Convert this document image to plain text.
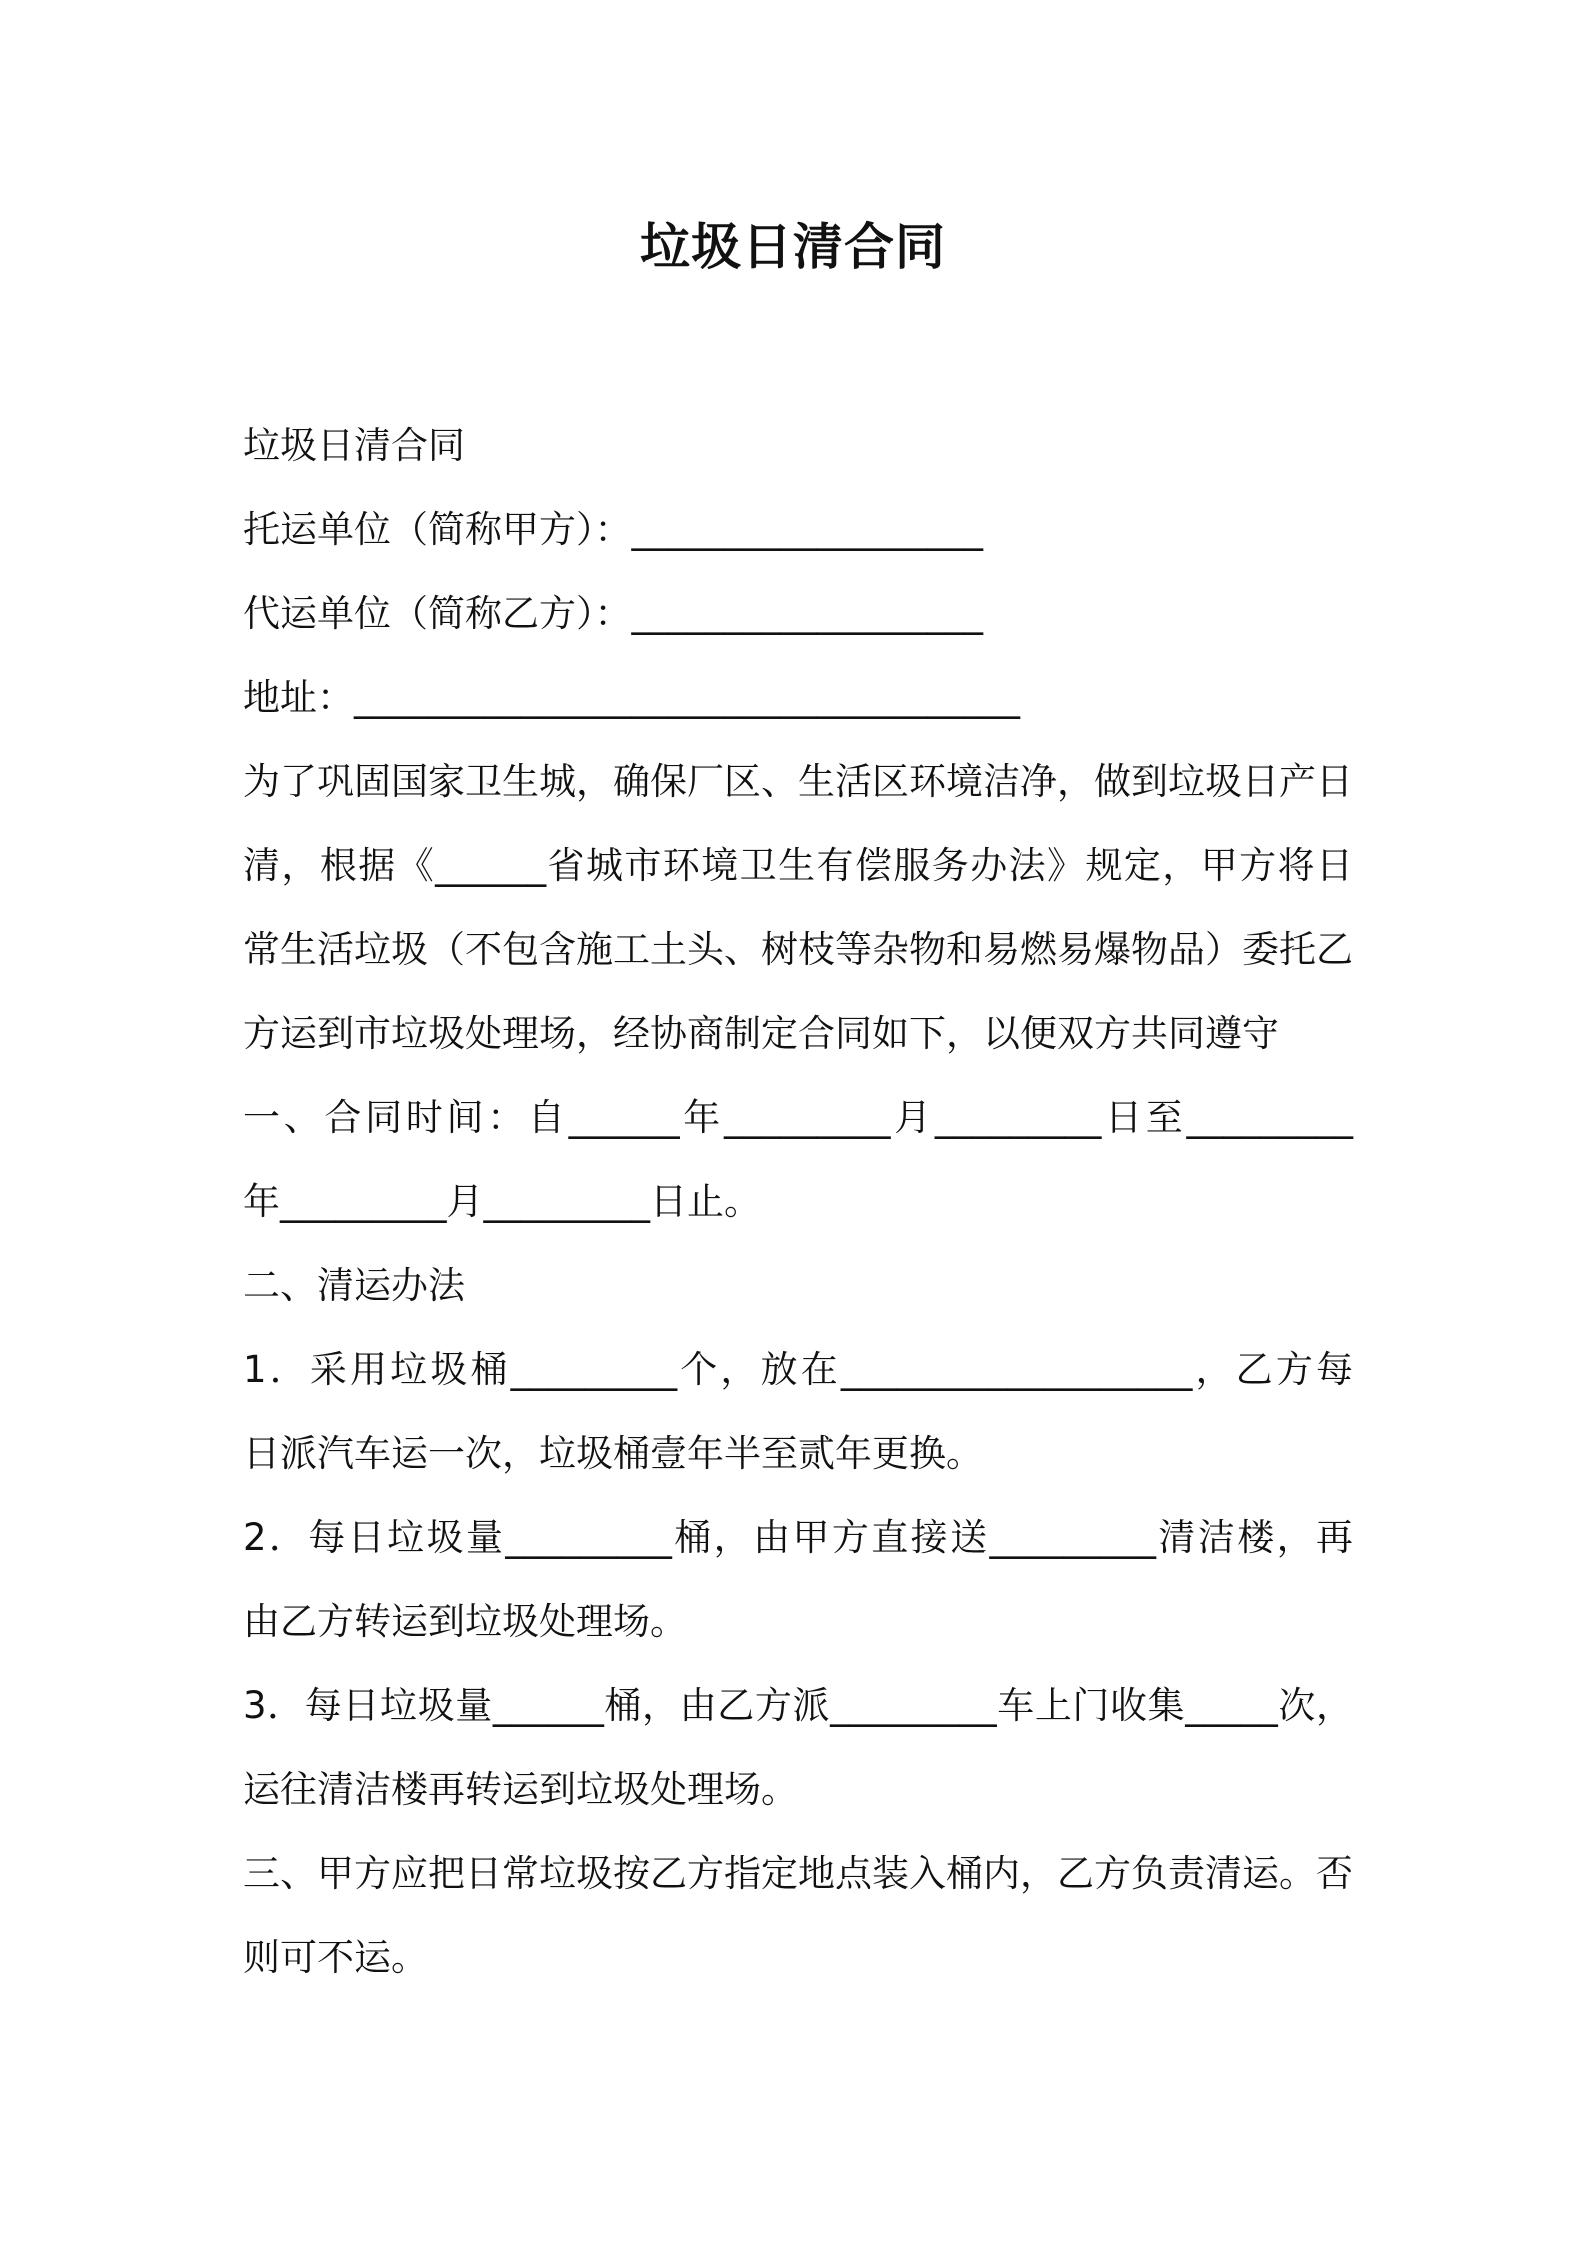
垃圾日清合同
垃圾日清合同
托运单位（简称甲方）：___________________
代运单位（简称乙方）：___________________
地址：____________________________________
为了巩固国家卫生城，确保厂区、生活区环境洁净，做到垃圾日产日
清，根据《______省城市环境卫生有偿服务办法》规定，甲方将日
常生活垃圾（不包含施工土头、树枝等杂物和易燃易爆物品）委托乙
方运到市垃圾处理场，经协商制定合同如下，以便双方共同遵守
一、合同时间：自______年_________月_________日至_________
年_________月_________日止。
二、清运办法
1．采用垃圾桶_________个，放在___________________，乙方每
日派汽车运一次，垃圾桶壹年半至贰年更换。
2．每日垃圾量_________桶，由甲方直接送_________清洁楼，再
由乙方转运到垃圾处理场。
3．每日垃圾量______桶，由乙方派_________车上门收集_____次，
运往清洁楼再转运到垃圾处理场。
三、甲方应把日常垃圾按乙方指定地点装入桶内，乙方负责清运。否
则可不运。
